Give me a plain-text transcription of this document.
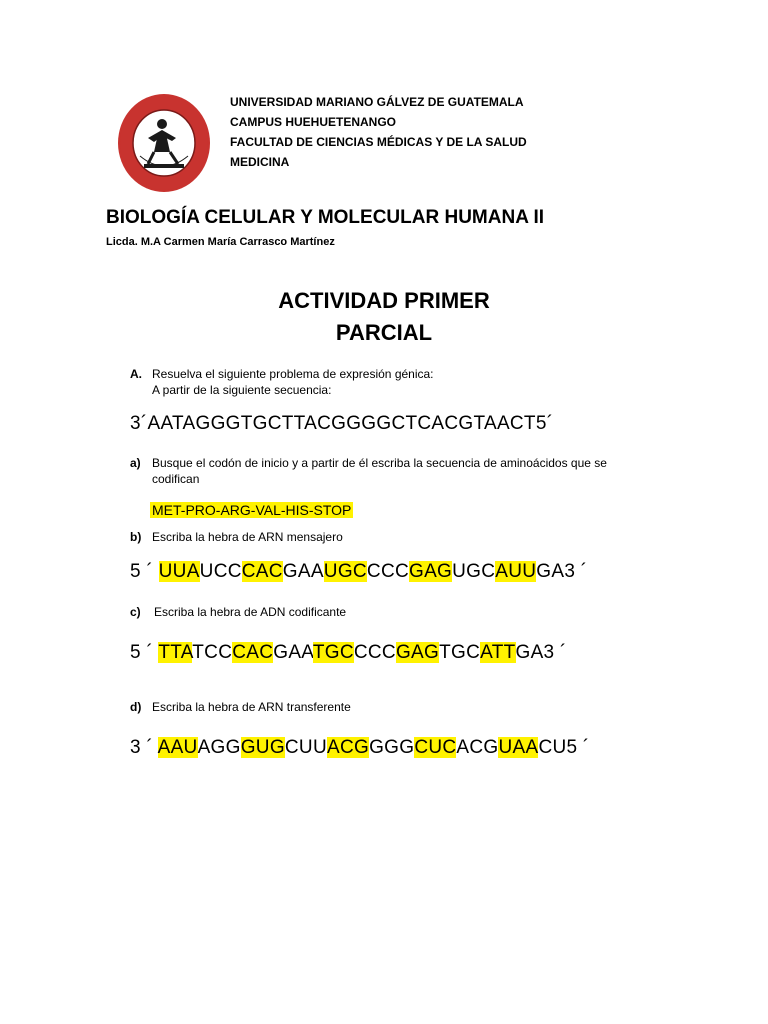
UNIVERSIDAD MARIANO GÁLVEZ DE GUATEMALA
CAMPUS HUEHUETENANGO
FACULTAD DE CIENCIAS MÉDICAS Y DE LA SALUD
MEDICINA
BIOLOGÍA CELULAR Y MOLECULAR HUMANA II
Licda. M.A Carmen María Carrasco Martínez
ACTIVIDAD PRIMER
PARCIAL
A. Resuelva el siguiente problema de expresión génica:
A partir de la siguiente secuencia:
3´AATAGGGTGCTTACGGGGCTCACGTAACT5´
a) Busque el codón de inicio y a partir de él escriba la secuencia de aminoácidos que se codifican
MET-PRO-ARG-VAL-HIS-STOP
b) Escriba la hebra de ARN mensajero
5 ´ UUAUCCCACGAAUGCCCCGAGUGCAUUGA3 ´
c) Escriba la hebra de ADN codificante
5 ´ TTATCCCACGAATGCCCCGAGTGCATTGA3 ´
d) Escriba la hebra de ARN transferente
3 ´ AAUAGGGUGCUUACGGGGCUCACGUAACU5 ´
